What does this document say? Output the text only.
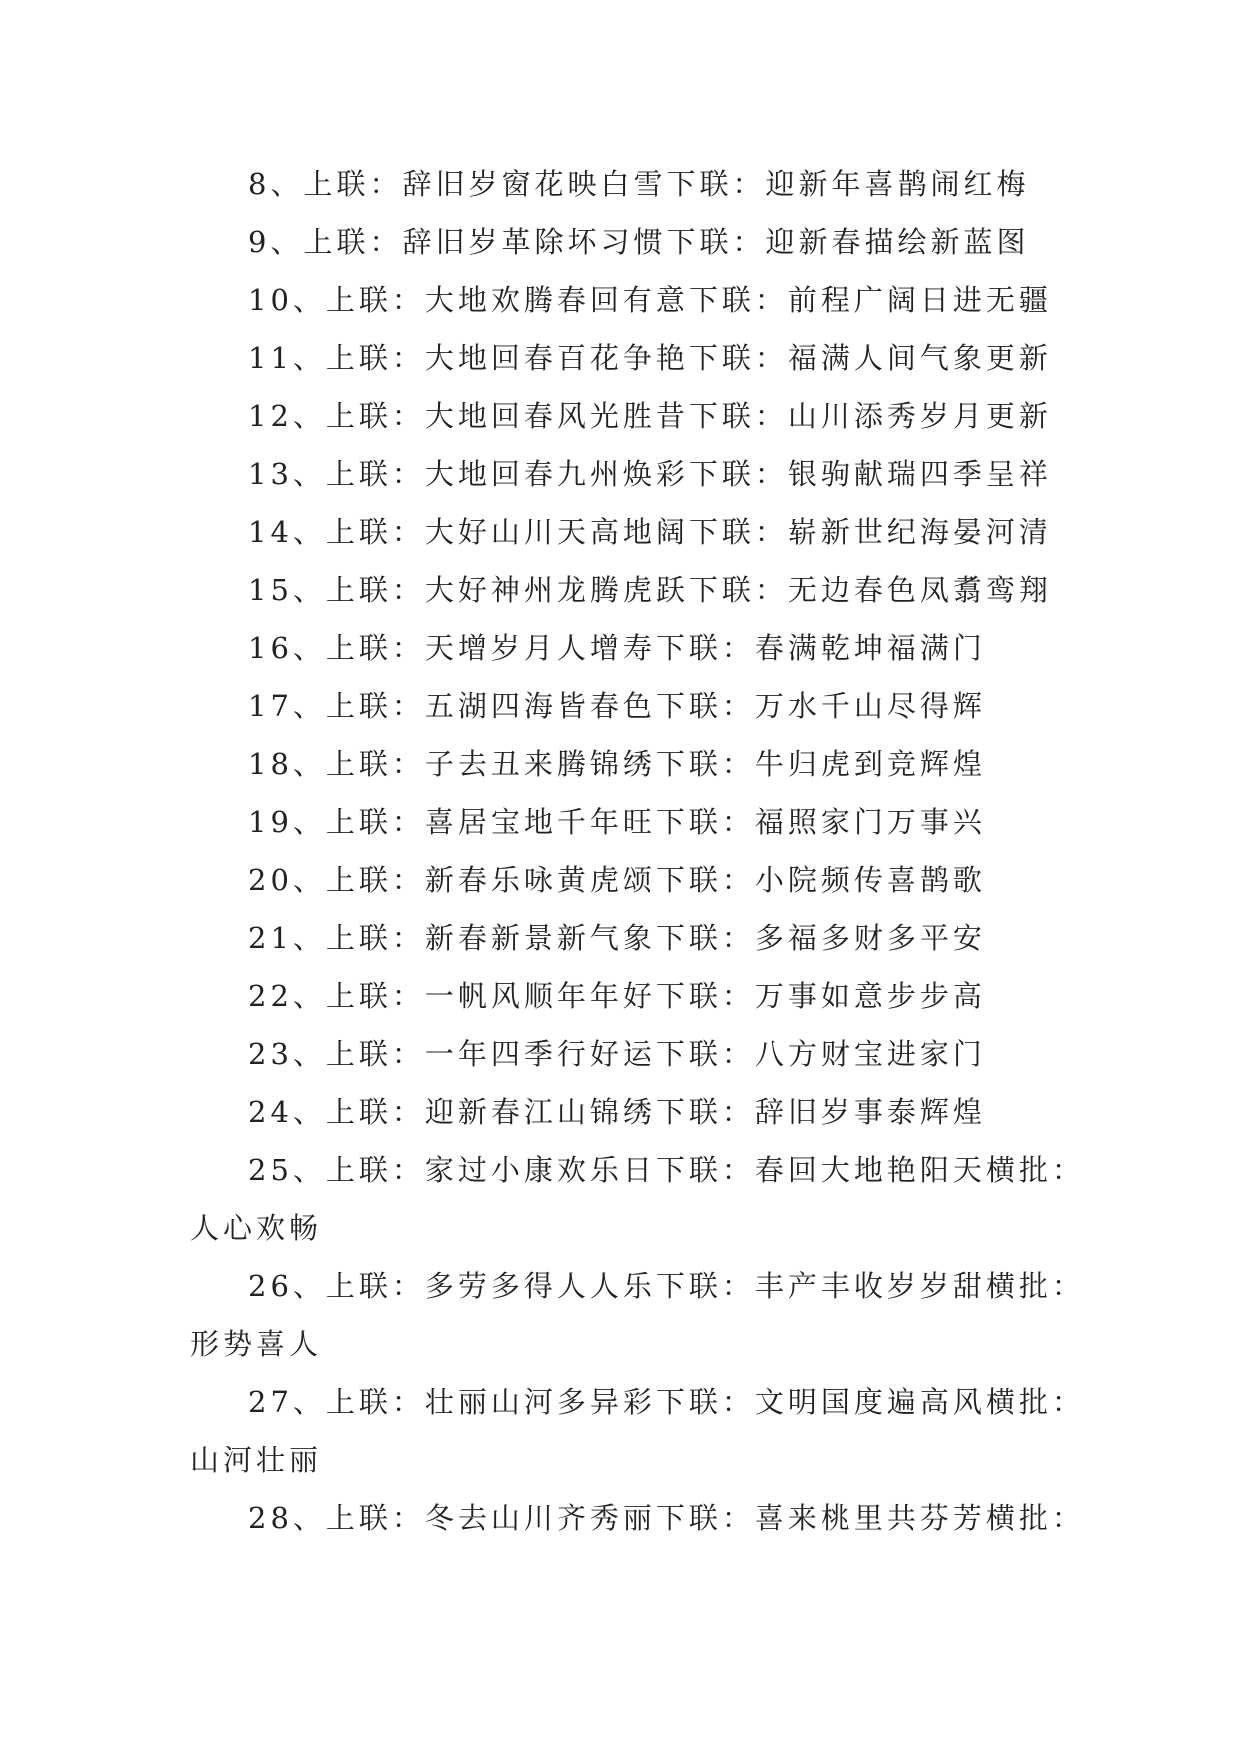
8、上联：辞旧岁窗花映白雪下联：迎新年喜鹊闹红梅
9、上联：辞旧岁革除坏习惯下联：迎新春描绘新蓝图
10、上联：大地欢腾春回有意下联：前程广阔日进无疆
11、上联：大地回春百花争艳下联：福满人间气象更新
12、上联：大地回春风光胜昔下联：山川添秀岁月更新
13、上联：大地回春九州焕彩下联：银驹献瑞四季呈祥
14、上联：大好山川天高地阔下联：崭新世纪海晏河清
15、上联：大好神州龙腾虎跃下联：无边春色凤翥鸾翔
16、上联：天增岁月人增寿下联：春满乾坤福满门
17、上联：五湖四海皆春色下联：万水千山尽得辉
18、上联：子去丑来腾锦绣下联：牛归虎到竞辉煌
19、上联：喜居宝地千年旺下联：福照家门万事兴
20、上联：新春乐咏黄虎颂下联：小院频传喜鹊歌
21、上联：新春新景新气象下联：多福多财多平安
22、上联：一帆风顺年年好下联：万事如意步步高
23、上联：一年四季行好运下联：八方财宝进家门
24、上联：迎新春江山锦绣下联：辞旧岁事泰辉煌
25、上联：家过小康欢乐日下联：春回大地艳阳天横批：
人心欢畅
26、上联：多劳多得人人乐下联：丰产丰收岁岁甜横批：
形势喜人
27、上联：壮丽山河多异彩下联：文明国度遍高风横批：
山河壮丽
28、上联：冬去山川齐秀丽下联：喜来桃里共芬芳横批：
